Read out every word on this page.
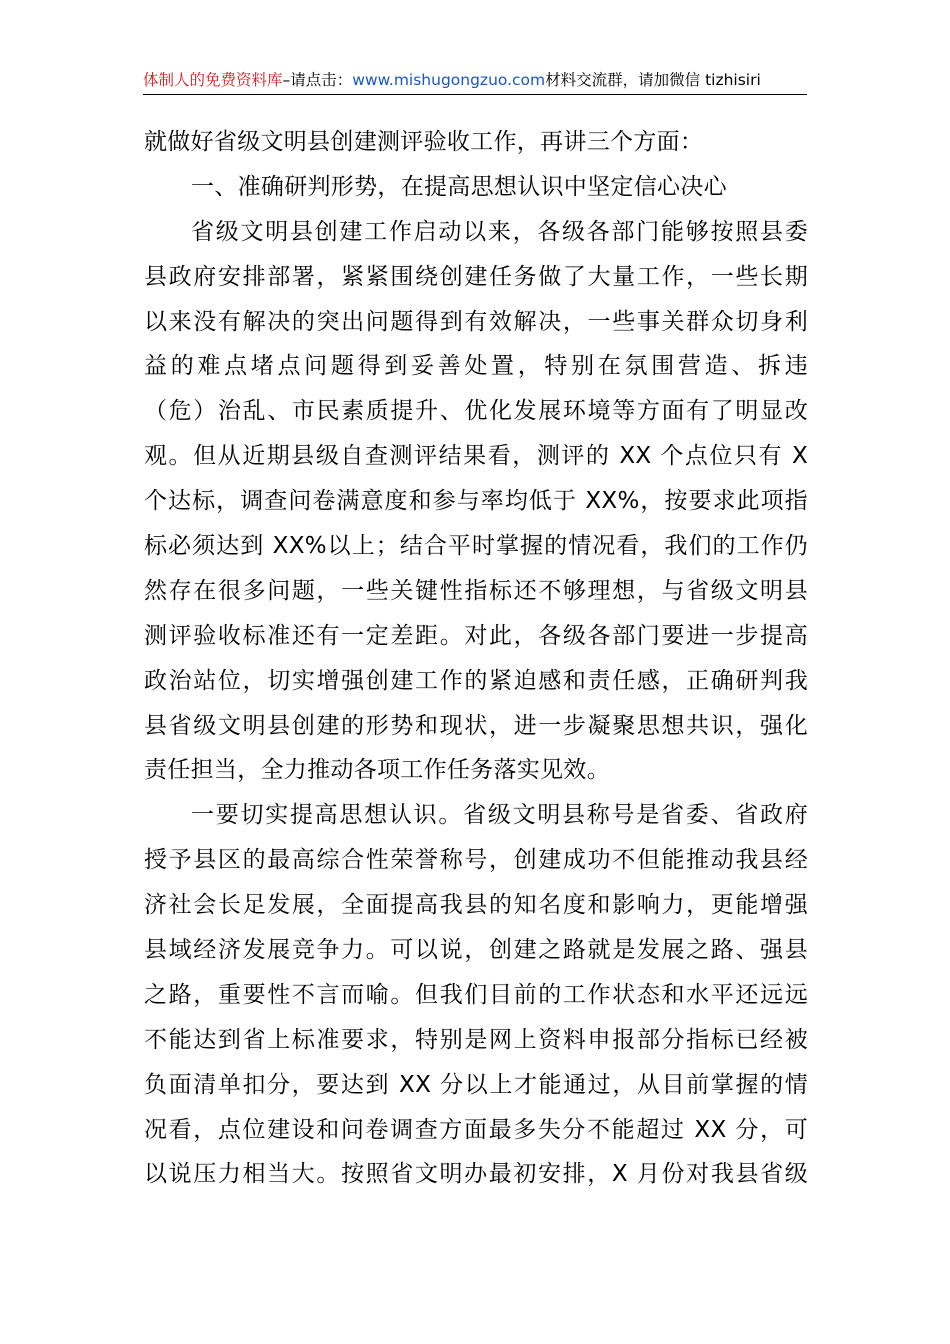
体制人的免费资料库–请点击：www.mishugongzuo.com材料交流群，请加微信 tizhisiri
就做好省级文明县创建测评验收工作，再讲三个方面：
一、准确研判形势，在提高思想认识中坚定信心决心
省级文明县创建工作启动以来，各级各部门能够按照县委
县政府安排部署，紧紧围绕创建任务做了大量工作，一些长期
以来没有解决的突出问题得到有效解决，一些事关群众切身利
益的难点堵点问题得到妥善处置，特别在氛围营造、拆违
（危）治乱、市民素质提升、优化发展环境等方面有了明显改
观。但从近期县级自查测评结果看，测评的 XX 个点位只有 X
个达标，调查问卷满意度和参与率均低于 XX%，按要求此项指
标必须达到 XX%以上；结合平时掌握的情况看，我们的工作仍
然存在很多问题，一些关键性指标还不够理想，与省级文明县
测评验收标准还有一定差距。对此，各级各部门要进一步提高
政治站位，切实增强创建工作的紧迫感和责任感，正确研判我
县省级文明县创建的形势和现状，进一步凝聚思想共识，强化
责任担当，全力推动各项工作任务落实见效。
一要切实提高思想认识。省级文明县称号是省委、省政府
授予县区的最高综合性荣誉称号，创建成功不但能推动我县经
济社会长足发展，全面提高我县的知名度和影响力，更能增强
县域经济发展竞争力。可以说，创建之路就是发展之路、强县
之路，重要性不言而喻。但我们目前的工作状态和水平还远远
不能达到省上标准要求，特别是网上资料申报部分指标已经被
负面清单扣分，要达到 XX 分以上才能通过，从目前掌握的情
况看，点位建设和问卷调查方面最多失分不能超过 XX 分，可
以说压力相当大。按照省文明办最初安排，X 月份对我县省级
